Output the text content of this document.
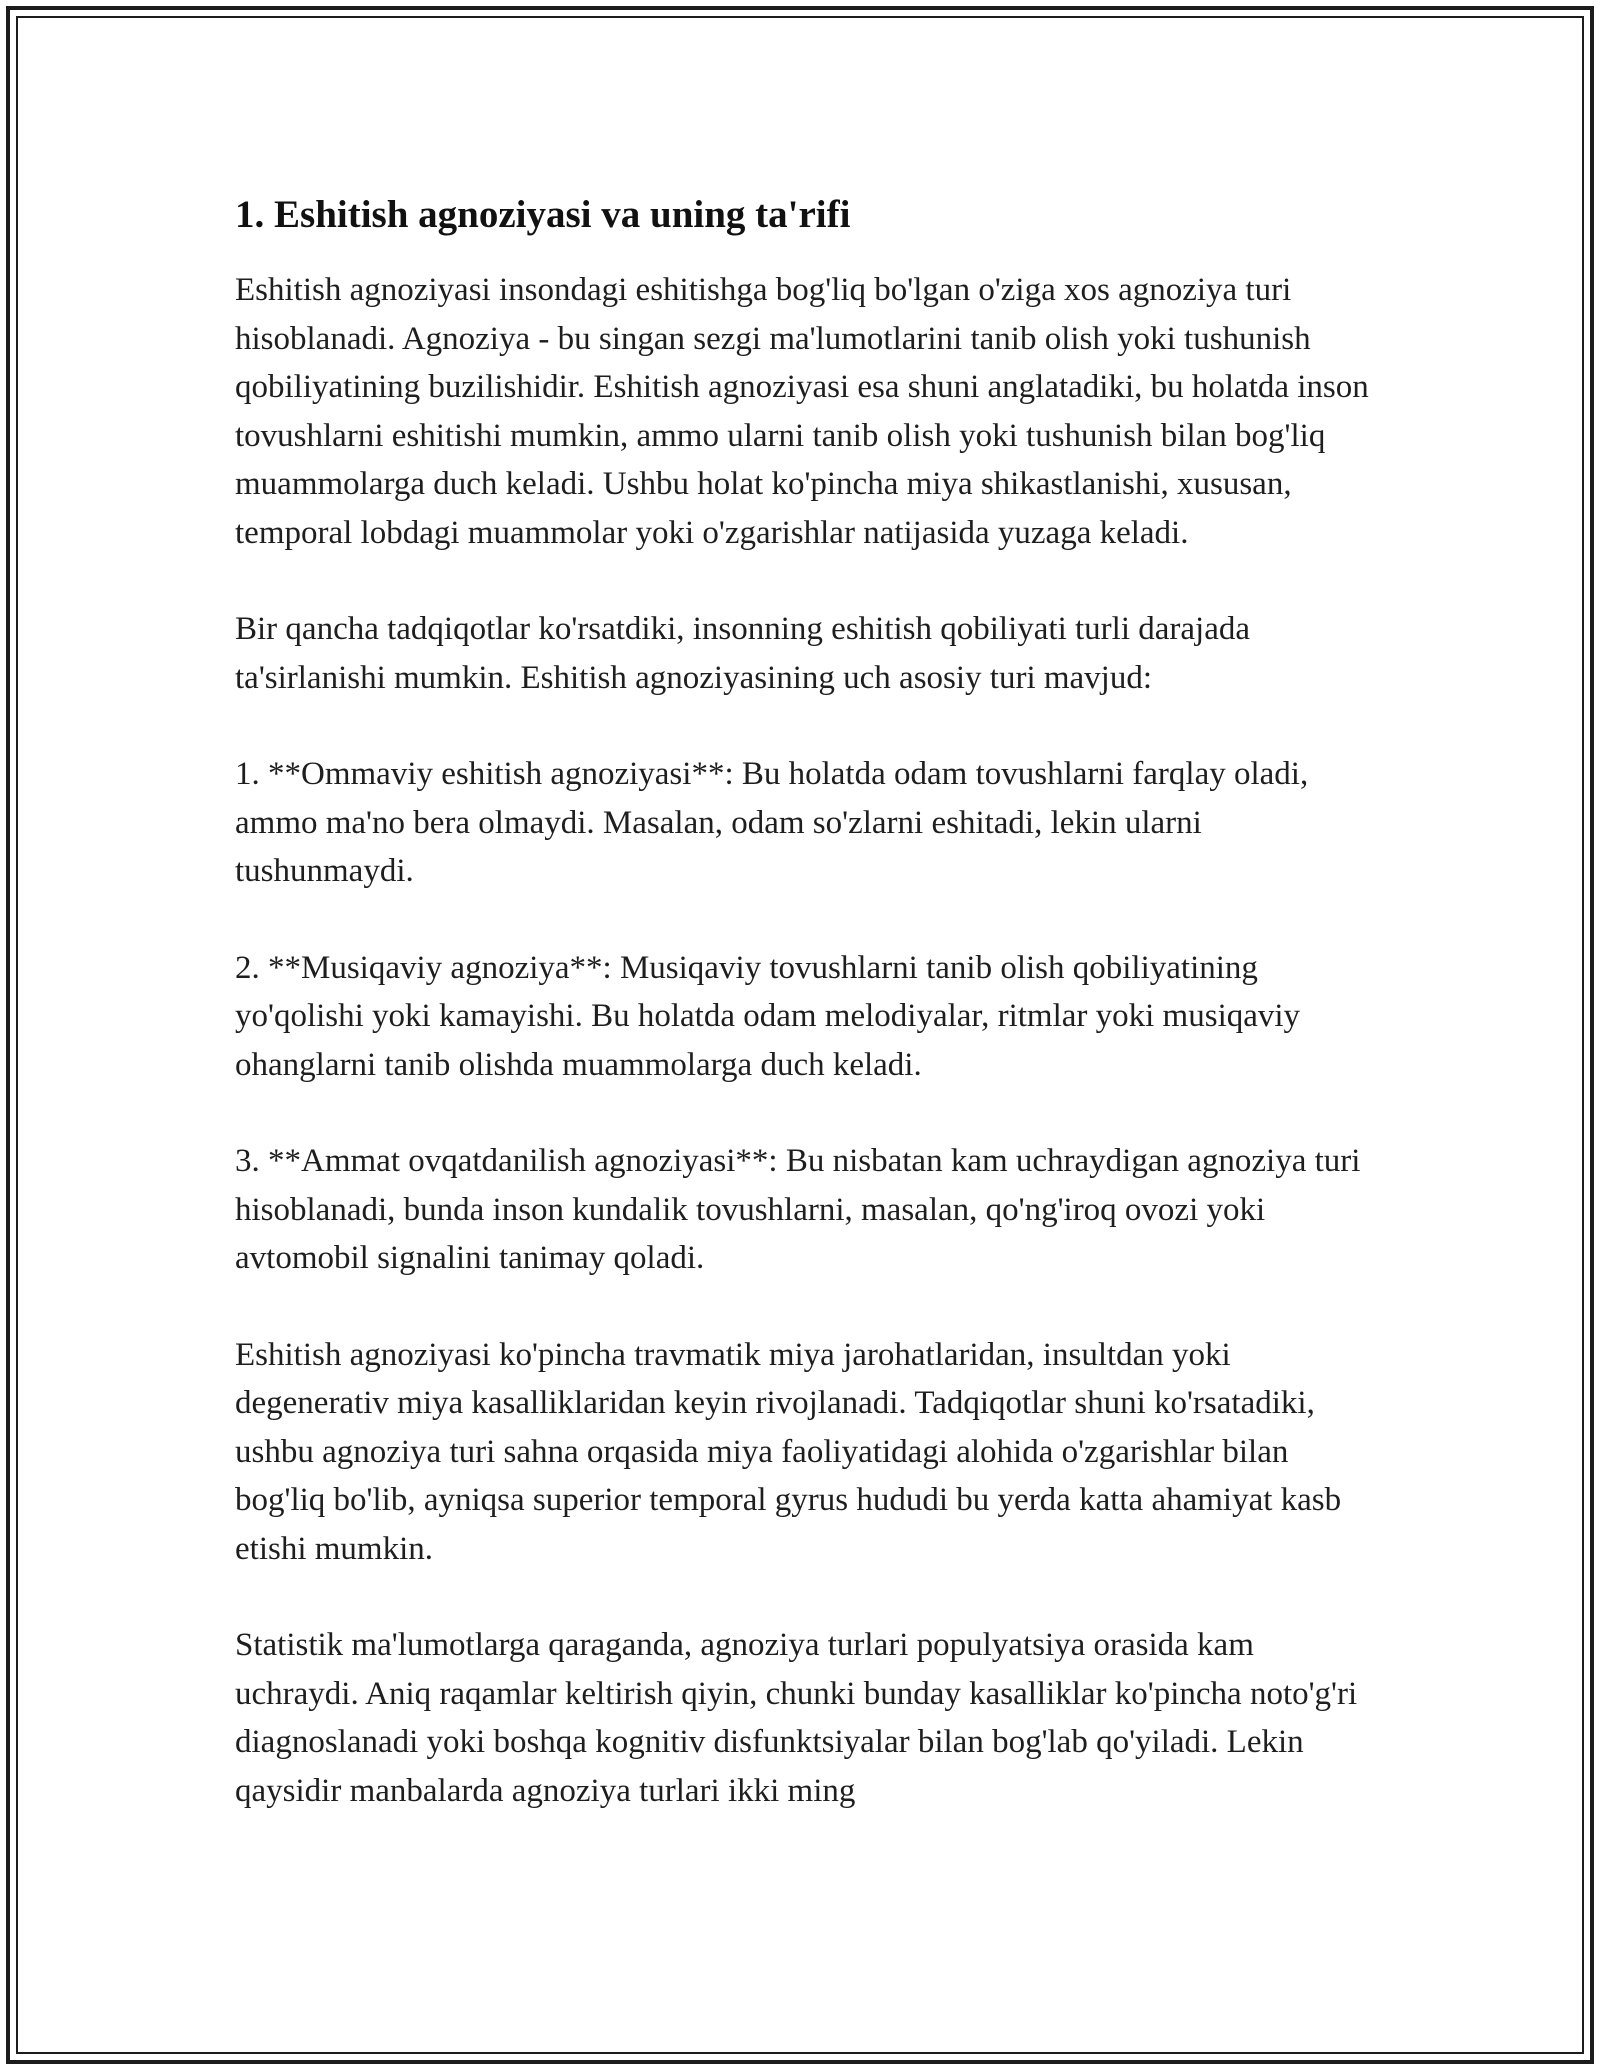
1. Eshitish agnoziyasi va uning ta'rifi

Eshitish agnoziyasi insondagi eshitishga bog'liq bo'lgan o'ziga xos agnoziya turi hisoblanadi. Agnoziya - bu singan sezgi ma'lumotlarini tanib olish yoki tushunish qobiliyatining buzilishidir. Eshitish agnoziyasi esa shuni anglatadiki, bu holatda inson tovushlarni eshitishi mumkin, ammo ularni tanib olish yoki tushunish bilan bog'liq muammolarga duch keladi. Ushbu holat ko'pincha miya shikastlanishi, xususan, temporal lobdagi muammolar yoki o'zgarishlar natijasida yuzaga keladi.

Bir qancha tadqiqotlar ko'rsatdiki, insonning eshitish qobiliyati turli darajada ta'sirlanishi mumkin. Eshitish agnoziyasining uch asosiy turi mavjud:

1. **Ommaviy eshitish agnoziyasi**: Bu holatda odam tovushlarni farqlay oladi, ammo ma'no bera olmaydi. Masalan, odam so'zlarni eshitadi, lekin ularni tushunmaydi.

2. **Musiqaviy agnoziya**: Musiqaviy tovushlarni tanib olish qobiliyatining yo'qolishi yoki kamayishi. Bu holatda odam melodiyalar, ritmlar yoki musiqaviy ohanglarni tanib olishda muammolarga duch keladi.

3. **Ammat ovqatdanilish agnoziyasi**: Bu nisbatan kam uchraydigan agnoziya turi hisoblanadi, bunda inson kundalik tovushlarni, masalan, qo'ng'iroq ovozi yoki avtomobil signalini tanimay qoladi.

Eshitish agnoziyasi ko'pincha travmatik miya jarohatlaridan, insultdan yoki degenerativ miya kasalliklaridan keyin rivojlanadi. Tadqiqotlar shuni ko'rsatadiki, ushbu agnoziya turi sahna orqasida miya faoliyatidagi alohida o'zgarishlar bilan bog'liq bo'lib, ayniqsa superior temporal gyrus hududi bu yerda katta ahamiyat kasb etishi mumkin.

Statistik ma'lumotlarga qaraganda, agnoziya turlari populyatsiya orasida kam uchraydi. Aniq raqamlar keltirish qiyin, chunki bunday kasalliklar ko'pincha noto'g'ri diagnoslanadi yoki boshqa kognitiv disfunktsiyalar bilan bog'lab qo'yiladi. Lekin qaysidir manbalarda agnoziya turlari ikki ming
